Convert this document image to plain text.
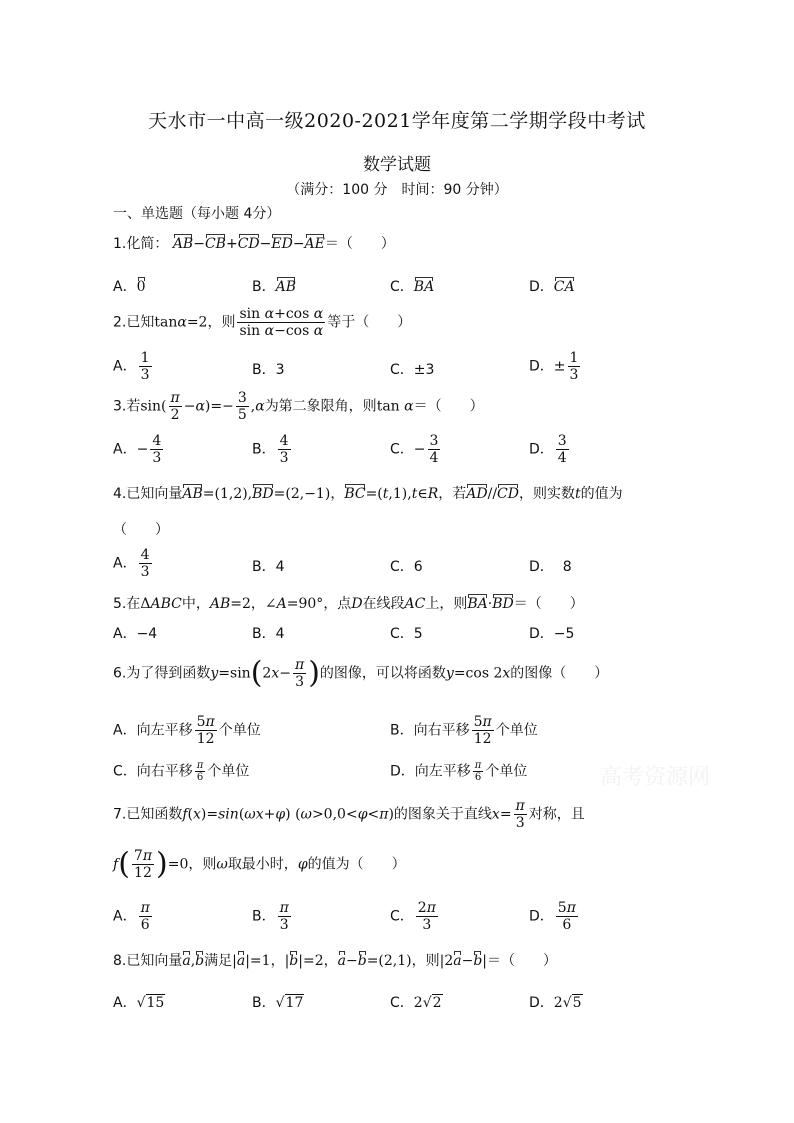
天水市一中高一级2020-2021学年度第二学期学段中考试
数学试题
（满分：100 分　时间：90 分钟）
一、单选题（每小题 4分）
高考资源网
1.化简： AB−CB+CD−ED−AE＝（　　）
A．0	B．AB	C．BA	D．CA
2.已知tanα=2，则 $\frac{\text{sin α+cos α}}{\text{sin α−cos α}}$ 等于（　　）
A． $\frac{1}{3}$	B．3	C．±3	D．± $\frac{1}{3}$
3.若$\sin( \frac{\pi}{2} -\alpha)=- \frac{3}{5} ,\alpha$为第二象限角，则tan α＝（　　）
A．− $\frac{4}{3}$	B． $\frac{4}{3}$	C．− $\frac{3}{4}$	D． $\frac{3}{4}$
4.已知向量AB=(1,2),BD=(2,−1)，BC=(t,1),t∈R，若AD//CD，则实数t的值为
（　　）
A． $\frac{4}{3}$	B．4	C．6	D． 8
5.在ΔABC中，AB=2，∠A=90°，点D在线段AC上，则BA·BD＝（　　）
A．−4	B．4	C．5	D．−5
6.为了得到函数$y=\sin(2x- \frac{\pi}{3}$ )的图像，可以将函数y=cos 2x的图像（　　）
A．向左平移 $\frac{5\pi}{12}$ 个单位	B．向右平移 $\frac{5\pi}{12}$ 个单位
C．向右平移 $\frac{\pi}{6}$ 个单位	D．向左平移 $\frac{\pi}{6}$ 个单位
7.已知函数f(x)=sin(ωx+φ) (ω>0,0<φ<π)的图象关于直线$x= \frac{\pi}{3}$ 对称，且
$f( \frac{7\pi}{12} )=0$，则ω取最小时，φ的值为（　　）
A． $\frac{\pi}{6}$	B． $\frac{\pi}{3}$	C． $\frac{2\pi}{3}$	D． $\frac{5\pi}{6}$
8.已知向量a,b满足|a|=1，|b|=2，a−b=(2,1)，则|2a−b|＝（　　）
A．√15	B．√17	C．2√2	D．2√5
